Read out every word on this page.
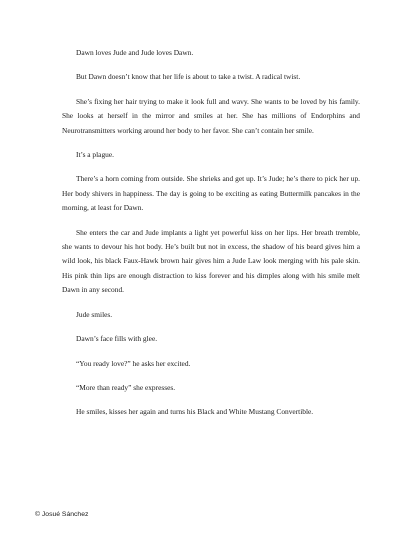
Dawn loves Jude and Jude loves Dawn.

But Dawn doesn’t know that her life is about to take a twist. A radical twist.

She’s fixing her hair trying to make it look full and wavy. She wants to be loved by his family. She looks at herself in the mirror and smiles at her. She has millions of Endorphins and Neurotransmitters working around her body to her favor. She can’t contain her smile.

It’s a plague.

There’s a horn coming from outside. She shrieks and get up. It’s Jude; he’s there to pick her up. Her body shivers in happiness. The day is going to be exciting as eating Buttermilk pancakes in the morning, at least for Dawn.

She enters the car and Jude implants a light yet powerful kiss on her lips. Her breath tremble, she wants to devour his hot body. He’s built but not in excess, the shadow of his beard gives him a wild look, his black Faux-Hawk brown hair gives him a Jude Law look merging with his pale skin. His pink thin lips are enough distraction to kiss forever and his dimples along with his smile melt Dawn in any second.

Jude smiles.

Dawn’s face fills with glee.

“You ready love?” he asks her excited.

“More than ready” she expresses.

He smiles, kisses her again and turns his Black and White Mustang Convertible.

© Josué Sánchez
